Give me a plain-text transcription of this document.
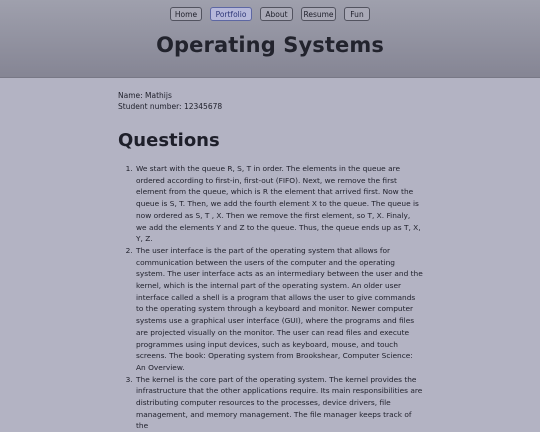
Home	Portfolio	About	Resume	Fun
Operating Systems

Name: Mathijs

Student number: 12345678

Questions
1. We start with the queue R, S, T in order. The elements in the queue are ordered according to first-in, first-out (FIFO). Next, we remove the first element from the queue, which is R the element that arrived first. Now the queue is S, T. Then, we add the fourth element X to the queue. The queue is now ordered as S, T , X. Then we remove the first element, so T, X. Finaly, we add the elements Y and Z to the queue. Thus, the queue ends up as T, X, Y, Z.
2. The user interface is the part of the operating system that allows for communication between the users of the computer and the operating system. The user interface acts as an intermediary between the user and the kernel, which is the internal part of the operating system. An older user interface called a shell is a program that allows the user to give commands to the operating system through a keyboard and monitor. Newer computer systems use a graphical user interface (GUI), where the programs and files are projected visually on the monitor. The user can read files and execute programmes using input devices, such as keyboard, mouse, and touch screens. The book: Operating system from Brookshear, Computer Science: An Overview.
3. The kernel is the core part of the operating system. The kernel provides the infrastructure that the other applications require. Its main responsibilities are distributing computer resources to the processes, device drivers, file management, and memory management. The file manager keeps track of the
